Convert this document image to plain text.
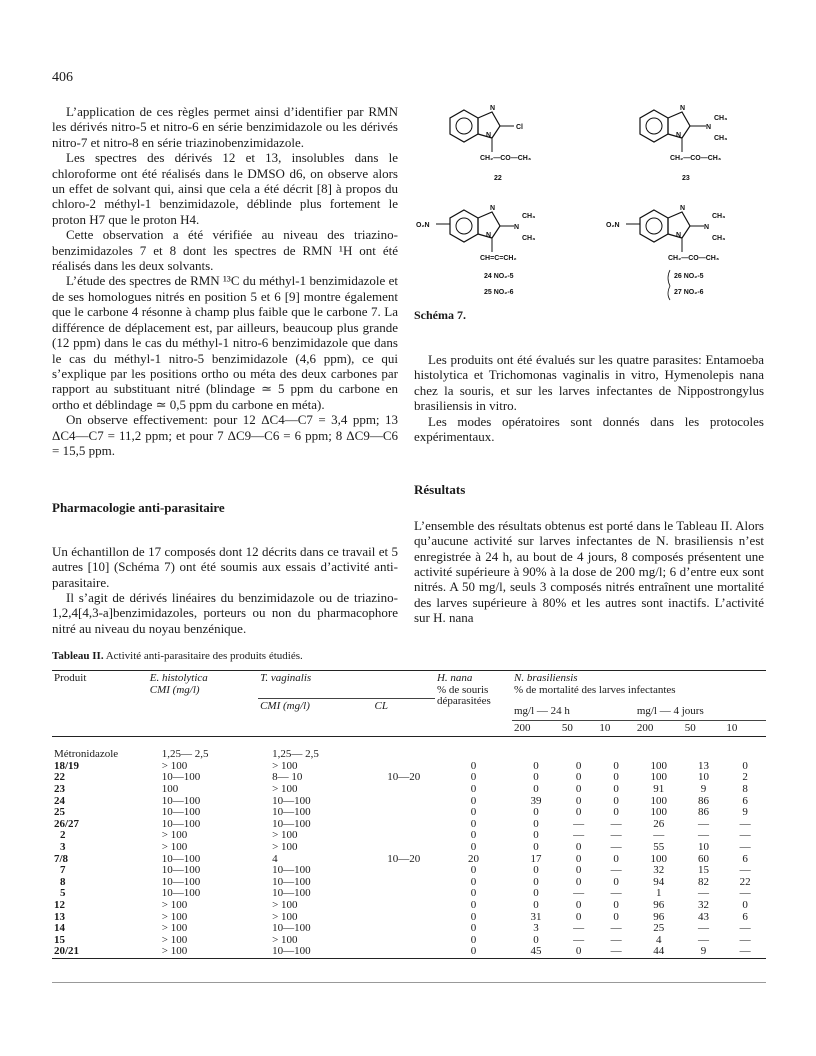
406

L’application de ces règles permet ainsi d’identifier par RMN les dérivés nitro-5 et nitro-6 en série benzimidazole ou les dérivés nitro-7 et nitro-8 en série triazinobenzimidazole.

Les spectres des dérivés 12 et 13, insolubles dans le chloroforme ont été réalisés dans le DMSO d6, on observe alors un effet de solvant qui, ainsi que cela a été décrit [8] à propos du chloro-2 méthyl-1 benzimidazole, déblinde plus fortement le proton H7 que le proton H4.

Cette observation a été vérifiée au niveau des triazino-benzimidazoles 7 et 8 dont les spectres de RMN ¹H ont été réalisés dans les deux solvants.

L’étude des spectres de RMN ¹³C du méthyl-1 benzimidazole et de ses homologues nitrés en position 5 et 6 [9] montre également que le carbone 4 résonne à champ plus faible que le carbone 7. La différence de déplacement est, par ailleurs, beaucoup plus grande (12 ppm) dans le cas du méthyl-1 nitro-6 benzimidazole que dans le cas du méthyl-1 nitro-5 benzimidazole (4,6 ppm), ce qui s’explique par les positions ortho ou méta des deux carbones par rapport au substituant nitré (blindage ≃ 5 ppm du carbone en ortho et déblindage ≃ 0,5 ppm du carbone en méta).

On observe effectivement: pour 12 ΔC4—C7 = 3,4 ppm; 13 ΔC4—C7 = 11,2 ppm; et pour 7 ΔC9—C6 = 6 ppm; 8 ΔC9—C6 = 15,5 ppm.

Pharmacologie anti-parasitaire

Un échantillon de 17 composés dont 12 décrits dans ce travail et 5 autres [10] (Schéma 7) ont été soumis aux essais d’activité anti-parasitaire.

Il s’agit de dérivés linéaires du benzimidazole ou de triazino-1,2,4[4,3-a]benzimidazoles, porteurs ou non du pharmacophore nitré au niveau du noyau benzénique.

N
N
Cl
CH₂—CO—CH₃
22
N
N
N
CH₃
CH₃
CH₂—CO—CH₃
23
O₂N
N
N
N
CH₃
CH₃
CH=C=CH₂
24 NO₂-5
25 NO₂-6
O₂N
N
N
N
CH₃
CH₃
CH₂—CO—CH₃
26 NO₂-5
27 NO₂-6
Schéma 7.

Les produits ont été évalués sur les quatre parasites: Entamoeba histolytica et Trichomonas vaginalis in vitro, Hymenolepis nana chez la souris, et sur les larves infectantes de Nippostrongylus brasiliensis in vitro.

Les modes opératoires sont donnés dans les protocoles expérimentaux.

Résultats

L’ensemble des résultats obtenus est porté dans le Tableau II. Alors qu’aucune activité sur larves infectantes de N. brasiliensis n’est enregistrée à 24 h, au bout de 4 jours, 8 composés présentent une activité supérieure à 90% à la dose de 200 mg/l; 6 d’entre eux sont nitrés. A 50 mg/l, seuls 3 composés nitrés entraînent une mortalité des larves supérieure à 80% et les autres sont inactifs. L’activité sur H. nana

Tableau II. Activité anti-parasitaire des produits étudiés.
Produit	E. histolytica
CMI (mg/l)	T. vaginalis		H. nana
% de souris déparasitées	N. brasiliensis
% de mortalité des larves infectantes					
		CMI (mg/l)	CL		mg/l — 24 h			mg/l — 4 jours		
					200	50	10	200	50	10
Métronidazole	1,25— 2,5	1,25— 2,5								
18/19	> 100	> 100		0	0	0	0	100	13	0
22	10—100	8— 10	10—20	0	0	0	0	100	10	2
23	100	> 100		0	0	0	0	91	9	8
24	10—100	10—100		0	39	0	0	100	86	6
25	10—100	10—100		0	0	0	0	100	86	9
26/27	10—100	10—100		0	0	—	—	26	—	—
2	> 100	> 100		0	0	—	—	—	—	—
3	> 100	> 100		0	0	0	—	55	10	—
7/8	10—100	4	10—20	20	17	0	0	100	60	6
7	10—100	10—100		0	0	0	—	32	15	—
8	10—100	10—100		0	0	0	0	94	82	22
5	10—100	10—100		0	0	—	—	1	—	—
12	> 100	> 100		0	0	0	0	96	32	0
13	> 100	> 100		0	31	0	0	96	43	6
14	> 100	10—100		0	3	—	—	25	—	—
15	> 100	> 100		0	0	—	—	4	—	—
20/21	> 100	10—100		0	45	0	—	44	9	—
